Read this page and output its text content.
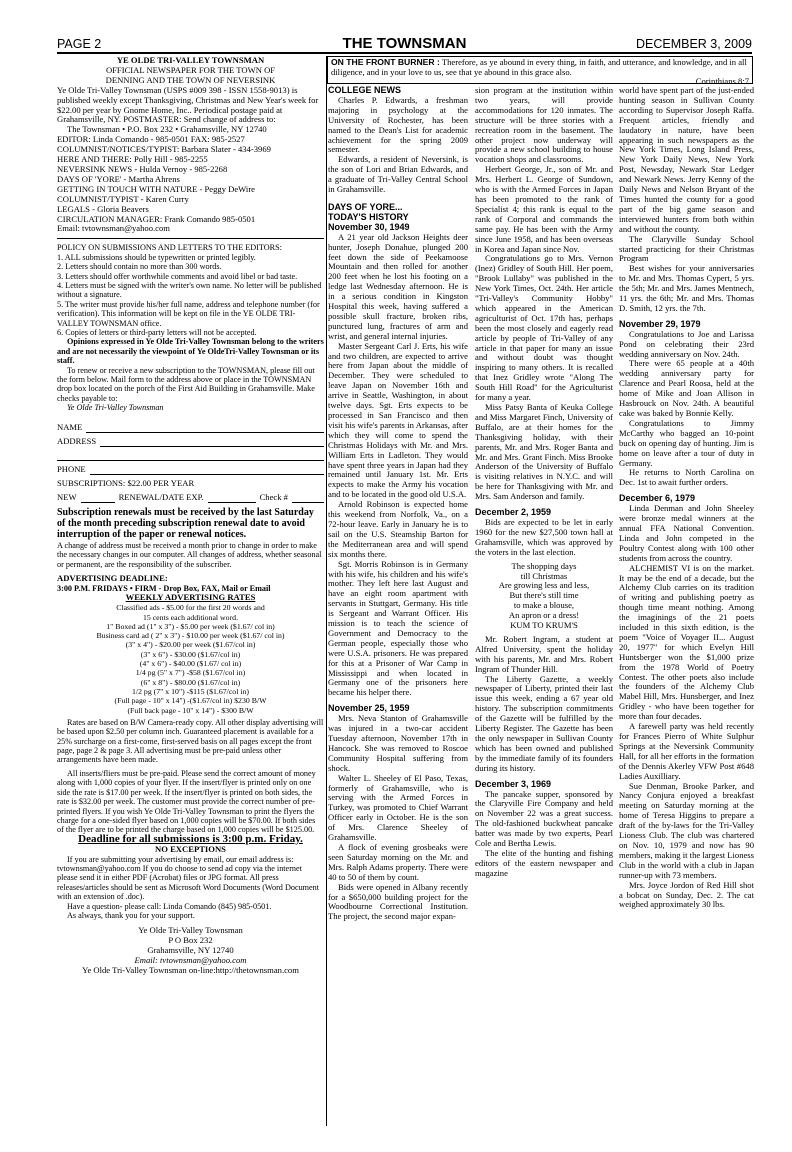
PAGE 2	THE TOWNSMAN	DECEMBER 3, 2009

YE OLDE TRI-VALLEY TOWNSMAN

OFFICIAL NEWSPAPER FOR THE TOWN OF

DENNING AND THE TOWN OF NEVERSINK

Ye Olde Tri-Valley Townsman (USPS #009 398 - ISSN 1558-9013) is published weekly except Thanksgiving, Christmas and New Year's week for $22.00 per year by Gnome Home, Inc.. Periodical postage paid at Grahamsville, NY. POSTMASTER: Send change of address to:

The Townsman • P.O. Box 232 • Grahamsville, NY 12740

EDITOR: Linda Comando - 985-0501 FAX: 985-2527

COLUMNIST/NOTICES/TYPIST: Barbara Slater - 434-3969

HERE AND THERE: Polly Hill - 985-2255

NEVERSINK NEWS - Hulda Vernoy - 985-2268

DAYS OF 'YORE' - Martha Ahrens

GETTING IN TOUCH WITH NATURE - Peggy DeWire

COLUMNIST/TYPIST - Karen Curry

LEGALS - Gloria Beavers

CIRCULATION MANAGER: Frank Comando 985-0501

Email: tvtownsman@yahoo.com

POLICY ON SUBMISSIONS AND LETTERS TO THE EDITORS:

1. ALL submissions should be typewritten or printed legibly.

2. Letters should contain no more than 300 words.

3. Letters should offer worthwhile comments and avoid libel or bad taste.

4. Letters must be signed with the writer's own name. No letter will be published without a signature.

5. The writer must provide his/her full name, address and telephone number (for verification). This information will be kept on file in the YE OLDE TRI-VALLEY TOWNSMAN office.

6. Copies of letters or third-party letters will not be accepted.

Opinions expressed in Ye Olde Tri-Valley Townsman belong to the writers and are not necessarily the viewpoint of Ye OldeTri-Valley Townsman or its staff.

To renew or receive a new subscription to the TOWNSMAN, please fill out the form below. Mail form to the address above or place in the TOWNSMAN drop box located on the porch of the First Aid Building in Grahamsville. Make checks payable to:

Ye Olde Tri-Valley Townsman

NAME
ADDRESS
PHONE
SUBSCRIPTIONS: $22.00 PER YEAR
NEW	RENEWAL/DATE EXP.	Check #

Subscription renewals must be received by the last Saturday of the month preceding subscription renewal date to avoid interruption of the paper or renewal notices.

A change of address must be received a month prior to change in order to make the necessary changes in our computer. All changes of address, whether seasonal or permanent, are the responsibility of the subscriber.

ADVERTISING DEADLINE:

3:00 P.M. FRIDAYS • FIRM - Drop Box, FAX, Mail or Email

WEEKLY ADVERTISING RATES

Classified ads - $5.00 for the first 20 words and

15 cents each additional word.

1" Boxed ad (1" x 3") - $5.00 per week ($1.67/ col in)

Business card ad ( 2" x 3") - $10.00 per week ($1.67/ col in)

(3" x 4") - $20.00 per week ($1.67/col in)

(3" x 6") - $30.00 ($1.67/col in)

(4" x 6") - $40.00 ($1.67/ col in)

1/4 pg (5" x 7") -$58 ($1.67/col in)

(6" x 8") - $80.00 ($1.67/col in)

1/2 pg (7" x 10") -$115 ($1.67/col in)

(Full page - 10" x 14") -($1.67/col in) $230 B/W

(Full back page - 10" x 14") - $300 B/W

Rates are based on B/W Camera-ready copy. All other display advertising will be based upon $2.50 per column inch. Guaranteed placement is available for a 25% surcharge on a first-come, first-served basis on all pages except the front page, page 2 & page 3. All advertising must be pre-paid unless other arrangements have been made.

All inserts/fliers must be pre-paid. Please send the correct amount of money along with 1,000 copies of your flyer. If the insert/flyer is printed only on one side the rate is $17.00 per week. If the insert/flyer is printed on both sides, the rate is $32.00 per week. The customer must provide the correct number of pre-printed flyers. If you wish Ye Olde Tri-Valley Townsman to print the flyers the charge for a one-sided flyer based on 1,000 copies will be $70.00. If both sides of the flyer are to be printed the charge based on 1,000 copies will be $125.00.

Deadline for all submissions is 3:00 p.m. Friday.

NO EXCEPTIONS

If you are submitting your advertising by email, our email address is: tvtownsman@yahoo.com If you do choose to send ad copy via the internet please send it in either PDF (Acrobat) files or JPG format. All press releases/articles should be sent as Microsoft Word Documents (Word Document with an extension of .doc).

Have a question- please call: Linda Comando (845) 985-0501.

As always, thank you for your support.

Ye Olde Tri-Valley Townsman

P O Box 232

Grahamsville, NY 12740

Email: tvtownsman@yahoo.com

Ye Olde Tri-Valley Townsman on-line:http://thetownsman.com

ON THE FRONT BURNER : Therefore, as ye abound in every thing, in faith, and utterance, and knowledge, and in all diligence, and in your love to us, see that ye abound in this grace also.
Corinthians 8:7

COLLEGE NEWS

Charles P. Edwards, a freshman majoring in psychology at the University of Rochester, has been named to the Dean's List for academic achievement for the spring 2009 semester.

Edwards, a resident of Neversink, is the son of Lori and Brian Edwards, and a graduate of Tri-Valley Central School in Grahamsville.

DAYS OF YORE...

TODAY'S HISTORY

November 30, 1949

A 21 year old Jackson Heights deer hunter, Joseph Donahue, plunged 200 feet down the side of Peekamoose Mountain and then rolled for another 200 feet when he lost his footing on a ledge last Wednesday afternoon. He is in a serious condition in Kingston Hospital this week, having suffered a possible skull fracture, broken ribs, punctured lung, fractures of arm and wrist, and general internal injuries.

Master Sergeant Carl J. Erts, his wife and two children, are expected to arrive here from Japan about the middle of December. They were scheduled to leave Japan on November 16th and arrive in Seattle, Washington, in about twelve days. Sgt. Erts expects to be processed in San Francisco and then visit his wife's parents in Arkansas, after which they will come to spend the Christmas Holidays with Mr. and Mrs. William Erts in Ladleton. They would have spent three years in Japan had they remained until January 1st. Mr. Erts expects to make the Army his vocation and to be located in the good old U.S.A.

Arnold Robinson is expected home this weekend from Norfolk, Va., on a 72-hour leave. Early in January he is to sail on the U.S. Steamship Barton for the Mediterranean area and will spend six months there.

Sgt. Morris Robinson is in Germany with his wife, his children and his wife's mother. They left here last August and have an eight room apartment with servants in Stuttgart, Germany. His title is Sergeant and Warrant Officer. His mission is to teach the science of Government and Democracy to the German people, especially those who were U.S.A. prisoners. He was prepared for this at a Prisoner of War Camp in Mississippi and when located in Germany one of the prisoners here became his helper there.

November 25, 1959

Mrs. Neva Stanton of Grahamsville was injured in a two-car accident Tuesday afternoon, November 17th in Hancock. She was removed to Roscoe Community Hospital suffering from shock.

Walter L. Sheeley of El Paso, Texas, formerly of Grahamsville, who is serving with the Armed Forces in Turkey, was promoted to Chief Warrant Officer early in October. He is the son of Mrs. Clarence Sheeley of Grahamsville.

A flock of evening grosbeaks were seen Saturday morning on the Mr. and Mrs. Ralph Adams property. There were 40 to 50 of them by count.

Bids were opened in Albany recently for a $650,000 building project for the Woodbourne Correctional Institution. The project, the second major expan-

sion program at the institution within two years, will provide accommodations for 120 inmates. The structure will be three stories with a recreation room in the basement. The other project now underway will provide a new school building to house vocation shops and classrooms.

Herbert George, Jr., son of Mr. and Mrs. Herbert L. George of Sundown, who is with the Armed Forces in Japan has been promoted to the rank of Specialist 4; this rank is equal to the rank of Corporal and commands the same pay. He has been with the Army since June 1958, and has been overseas in Korea and Japan since Nov.

Congratulations go to Mrs. Vernon (Inez) Gridley of South Hill. Her poem, "Brook Lullaby" was published in the New York Times, Oct. 24th. Her article "Tri-Valley's Community Hobby" which appeared in the American agriculturist of Oct. 17th has, perhaps been the most closely and eagerly read article by people of Tri-Valley of any article in that paper for many an issue and without doubt was thought inspiring to many others. It is recalled that Inez Gridley wrote "Along The South Hill Road" for the Agriculturist for many a year.

Miss Patsy Banta of Keuka College and Miss Margaret Finch, University of Buffalo, are at their homes for the Thanksgiving holiday, with their parents, Mr. and Mrs. Roger Banta and Mr. and Mrs. Grant Finch. Miss Brooke Anderson of the University of Buffalo is visiting relatives in N.Y.C. and will be here for Thanksgiving with Mr. and Mrs. Sam Anderson and family.

December 2, 1959

Bids are expected to be let in early 1960 for the new $27,500 town hall at Grahamsville, which was approved by the voters in the last election.

The shopping days

till Christmas

Are growing less and less,

But there's still time

to make a blouse,

An apron or a dress!

KUM TO KRUM'S

Mr. Robert Ingram, a student at Alfred University, spent the holiday with his parents, Mr. and Mrs. Robert Ingram of Thunder Hill.

The Liberty Gazette, a weekly newspaper of Liberty, printed their last issue this week, ending a 67 year old history. The subscription commitments of the Gazette will be fulfilled by the Liberty Register. The Gazette has been the only newspaper in Sullivan County which has been owned and published by the immediate family of its founders during its history.

December 3, 1969

The pancake supper, sponsored by the Claryville Fire Company and held on November 22 was a great success. The old-fashioned buckwheat pancake batter was made by two experts, Pearl Cole and Bertha Lewis.

The elite of the hunting and fishing editors of the eastern newspaper and magazine

world have spent part of the just-ended hunting season in Sullivan County according to Supervisor Joseph Raffa. Frequent articles, friendly and laudatory in nature, have been appearing in such newspapers as the New York Times, Long Island Press, New York Daily News, New York Post, Newsday, Newark Star Ledger and Newark News. Jerry Kenny of the Daily News and Nelson Bryant of the Times hunted the county for a good part of the big game season and interviewed hunters from both within and without the county.

The Claryville Sunday School started practicing for their Christmas Program

Best wishes for your anniversaries to Mr. and Mrs. Thomas Cypert, 5 yrs. the 5th; Mr. and Mrs. James Mentnech, 11 yrs. the 6th; Mr. and Mrs. Thomas D. Smith, 12 yrs. the 7th.

November 29, 1979

Congratulations to Joe and Larissa Pond on celebrating their 23rd wedding anniversary on Nov. 24th.

There were 65 people at a 40th wedding anniversary party for Clarence and Pearl Roosa, held at the home of Mike and Joan Allison in Hasbrouck on Nov. 24th. A beautiful cake was baked by Bonnie Kelly.

Congratulations to Jimmy McCarthy who bagged an 10-point buck on opening day of hunting. Jim is home on leave after a tour of duty in Germany.

He returns to North Carolina on Dec. 1st to await further orders.

December 6, 1979

Linda Denman and John Sheeley were bronze medal winners at the annual FFA National Convention. Linda and John competed in the Poultry Contest along with 100 other students from across the country.

ALCHEMIST VI is on the market. It may be the end of a decade, but the Alchemy Club carries on its tradition of writing and publishing poetry as though time meant nothing. Among the imaginings of the 21 poets included in this sixth edition, is the poem "Voice of Voyager II... August 20, 1977" for which Evelyn Hill Huntsberger won the $1,000 prize from the 1978 World of Poetry Contest. The other poets also include the founders of the Alchemy Club Mabel Hill, Mrs. Hunsberger, and Inez Gridley - who have been together for more than four decades.

A farewell party was held recently for Frances Pierro of White Sulphur Springs at the Neversink Community Hall, for all her efforts in the formation of the Dennis Akerley VFW Post #648 Ladies Auxilliary.

Sue Denman, Brooke Parker, and Nancy Conjura enjoyed a breakfast meeting on Saturday morning at the home of Teresa Higgins to prepare a draft of the by-laws for the Tri-Valley Lioness Club. The club was chartered on Nov. 10, 1979 and now has 90 members, making it the largest Lioness Club in the world with a club in Japan runner-up with 73 members.

Mrs. Joyce Jordon of Red Hill shot a bobcat on Sunday, Dec. 2. The cat weighed approximately 30 lbs.
